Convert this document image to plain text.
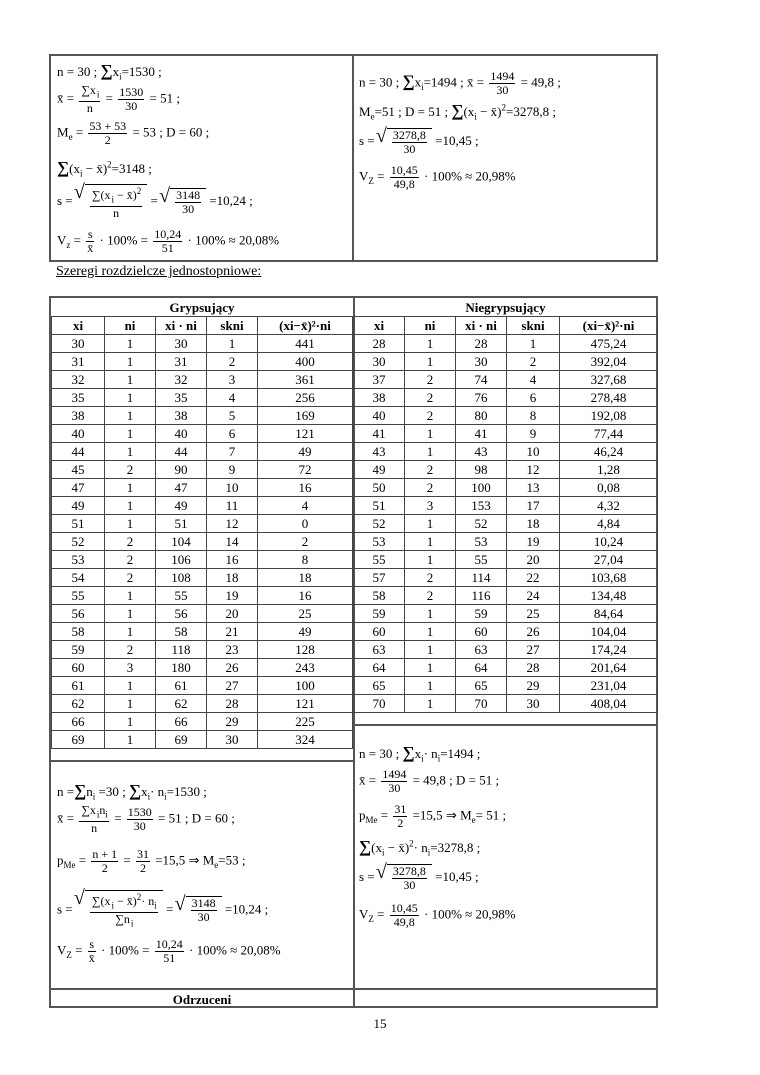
n = 30 ; $\sum x_i=1530$ ;
x̄ = $\frac{\sum x_i}{n} = \frac{1530}{30} = 51$ ;
$M_e = \frac{53 + 53}{2} = 53$ ; D = 60 ;
$\sum(x_i$ − x̄)$^2$=3148 ;
s = √ $\frac{\sum(x_i - x̄)^2}{n}$ = √ $\frac{3148}{30} =10,24$ ;
$V_z = \frac{s}{x̄} \cdot 100\% = \frac{10,24}{51} \cdot 100\% \approx 20,08\%$
n = 30 ; $\sum x_i=1494$ ; x̄ = $\frac{1494}{30} = 49,8$ ;
$M_e=51$ ; D = 51 ; $\sum(x_i$ − x̄)$^2$=3278,8 ;
s = √ $\frac{3278,8}{30} =10,45$ ;
$V_Z = \frac{10,45}{49,8} \cdot 100\% \approx 20,98\%$
Szeregi rozdzielcze jednostopniowe:
Grypsujący	Niegrypsujący
xi	ni	xi · ni	skni	(xi−x̄)²·ni
30	1	30	1	441
31	1	31	2	400
32	1	32	3	361
35	1	35	4	256
38	1	38	5	169
40	1	40	6	121
44	1	44	7	49
45	2	90	9	72
47	1	47	10	16
49	1	49	11	4
51	1	51	12	0
52	2	104	14	2
53	2	106	16	8
54	2	108	18	18
55	1	55	19	16
56	1	56	20	25
58	1	58	21	49
59	2	118	23	128
60	3	180	26	243
61	1	61	27	100
62	1	62	28	121
66	1	66	29	225
69	1	69	30	324
xi	ni	xi · ni	skni	(xi−x̄)²·ni
28	1	28	1	475,24
30	1	30	2	392,04
37	2	74	4	327,68
38	2	76	6	278,48
40	2	80	8	192,08
41	1	41	9	77,44
43	1	43	10	46,24
49	2	98	12	1,28
50	2	100	13	0,08
51	3	153	17	4,32
52	1	52	18	4,84
53	1	53	19	10,24
55	1	55	20	27,04
57	2	114	22	103,68
58	2	116	24	134,48
59	1	59	25	84,64
60	1	60	26	104,04
63	1	63	27	174,24
64	1	64	28	201,64
65	1	65	29	231,04
70	1	70	30	408,04
$n =\sum n_i =30$ ; $\sum x_i\cdot n_i=1530$ ;
x̄ = $\frac{\sum x_in_i}{n} = \frac{1530}{30} = 51$ ; D = 60 ;
$p_{Me} = \frac{n + 1}{2} = \frac{31}{2} =15,5$ ⇒ $M_e=53$ ;
s = √ $\frac{\sum(x_i - x̄)^2\cdot n_i}{\sum n_i}$ = √ $\frac{3148}{30} =10,24$ ;
$V_Z = \frac{s}{x̄} \cdot 100\% = \frac{10,24}{51} \cdot 100\% \approx 20,08\%$
n = 30 ; $\sum x_i\cdot n_i=1494$ ;
x̄ = $\frac{1494}{30} = 49,8$ ; D = 51 ;
$p_{Me} = \frac{31}{2} =15,5$ ⇒ $M_e= 51$ ;
$\sum(x_i$ − x̄)$^2$· $n_i=3278,8$ ;
s = √ $\frac{3278,8}{30} =10,45$ ;
$V_Z = \frac{10,45}{49,8} \cdot 100\% \approx 20,98\%$
Odrzuceni
15
